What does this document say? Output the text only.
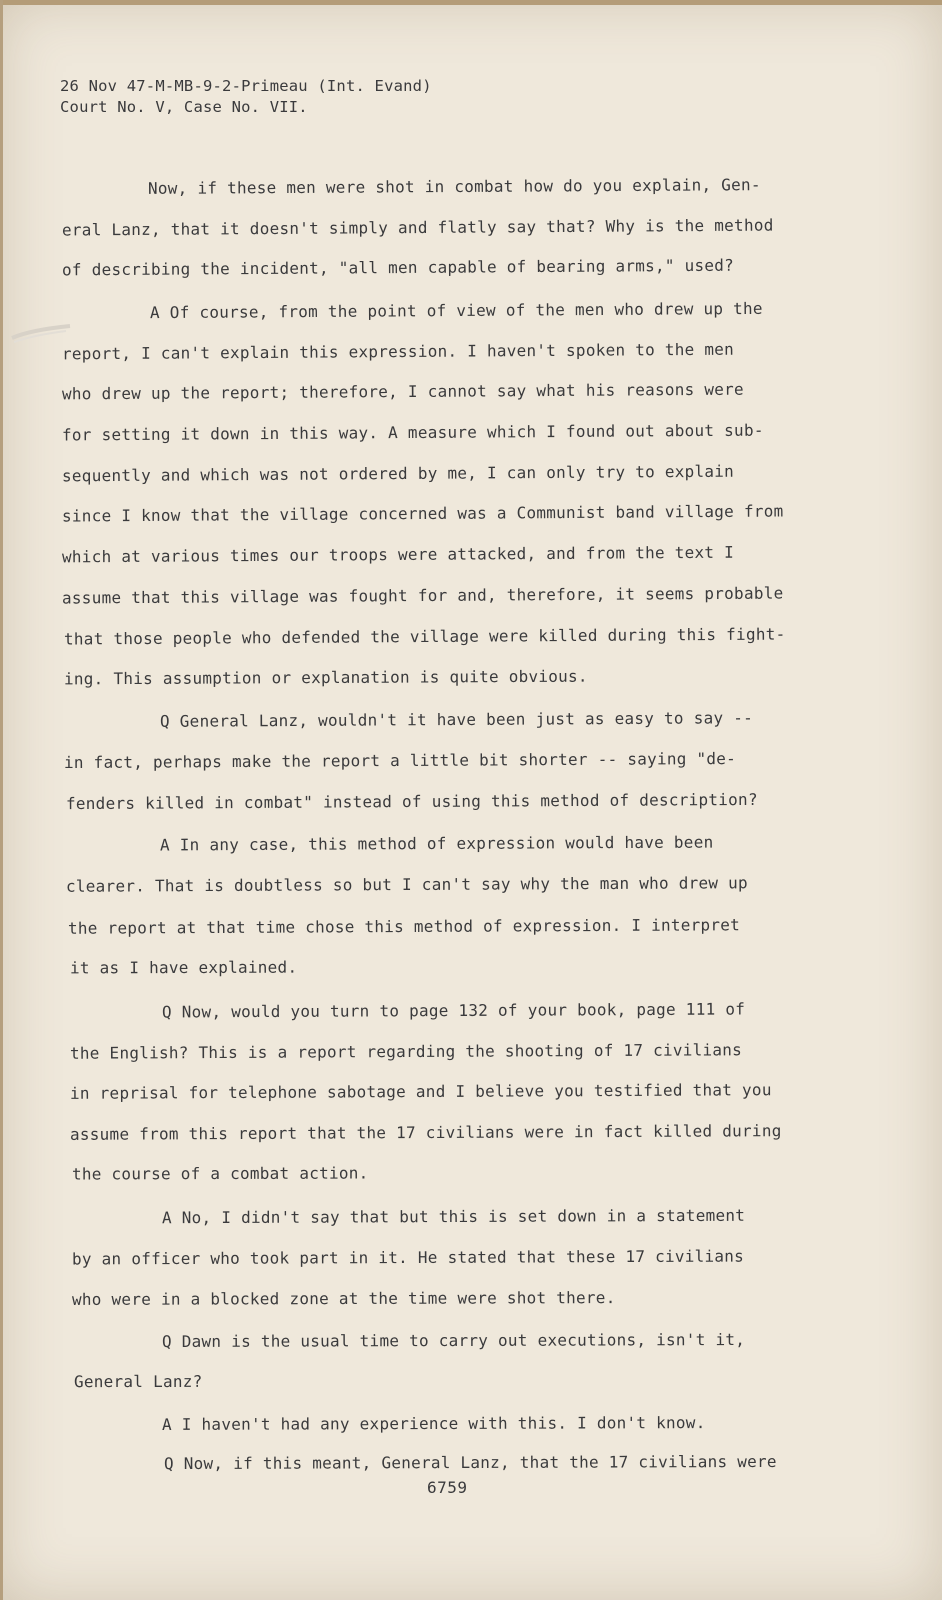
26 Nov 47-M-MB-9-2-Primeau (Int. Evand)
Court No. V, Case No. VII.
Now, if these men were shot in combat how do you explain, Gen-
eral Lanz, that it doesn't simply and flatly say that? Why is the method
of describing the incident, "all men capable of bearing arms," used?
A Of course, from the point of view of the men who drew up the
report, I can't explain this expression. I haven't spoken to the men
who drew up the report; therefore, I cannot say what his reasons were
for setting it down in this way. A measure which I found out about sub-
sequently and which was not ordered by me, I can only try to explain
since I know that the village concerned was a Communist band village from
which at various times our troops were attacked, and from the text I
assume that this village was fought for and, therefore, it seems probable
that those people who defended the village were killed during this fight-
ing. This assumption or explanation is quite obvious.
Q General Lanz, wouldn't it have been just as easy to say --
in fact, perhaps make the report a little bit shorter -- saying "de-
fenders killed in combat" instead of using this method of description?
A In any case, this method of expression would have been
clearer. That is doubtless so but I can't say why the man who drew up
the report at that time chose this method of expression. I interpret
it as I have explained.
Q Now, would you turn to page 132 of your book, page 111 of
the English? This is a report regarding the shooting of 17 civilians
in reprisal for telephone sabotage and I believe you testified that you
assume from this report that the 17 civilians were in fact killed during
the course of a combat action.
A No, I didn't say that but this is set down in a statement
by an officer who took part in it. He stated that these 17 civilians
who were in a blocked zone at the time were shot there.
Q Dawn is the usual time to carry out executions, isn't it,
General Lanz?
A I haven't had any experience with this. I don't know.
Q Now, if this meant, General Lanz, that the 17 civilians were
6759
